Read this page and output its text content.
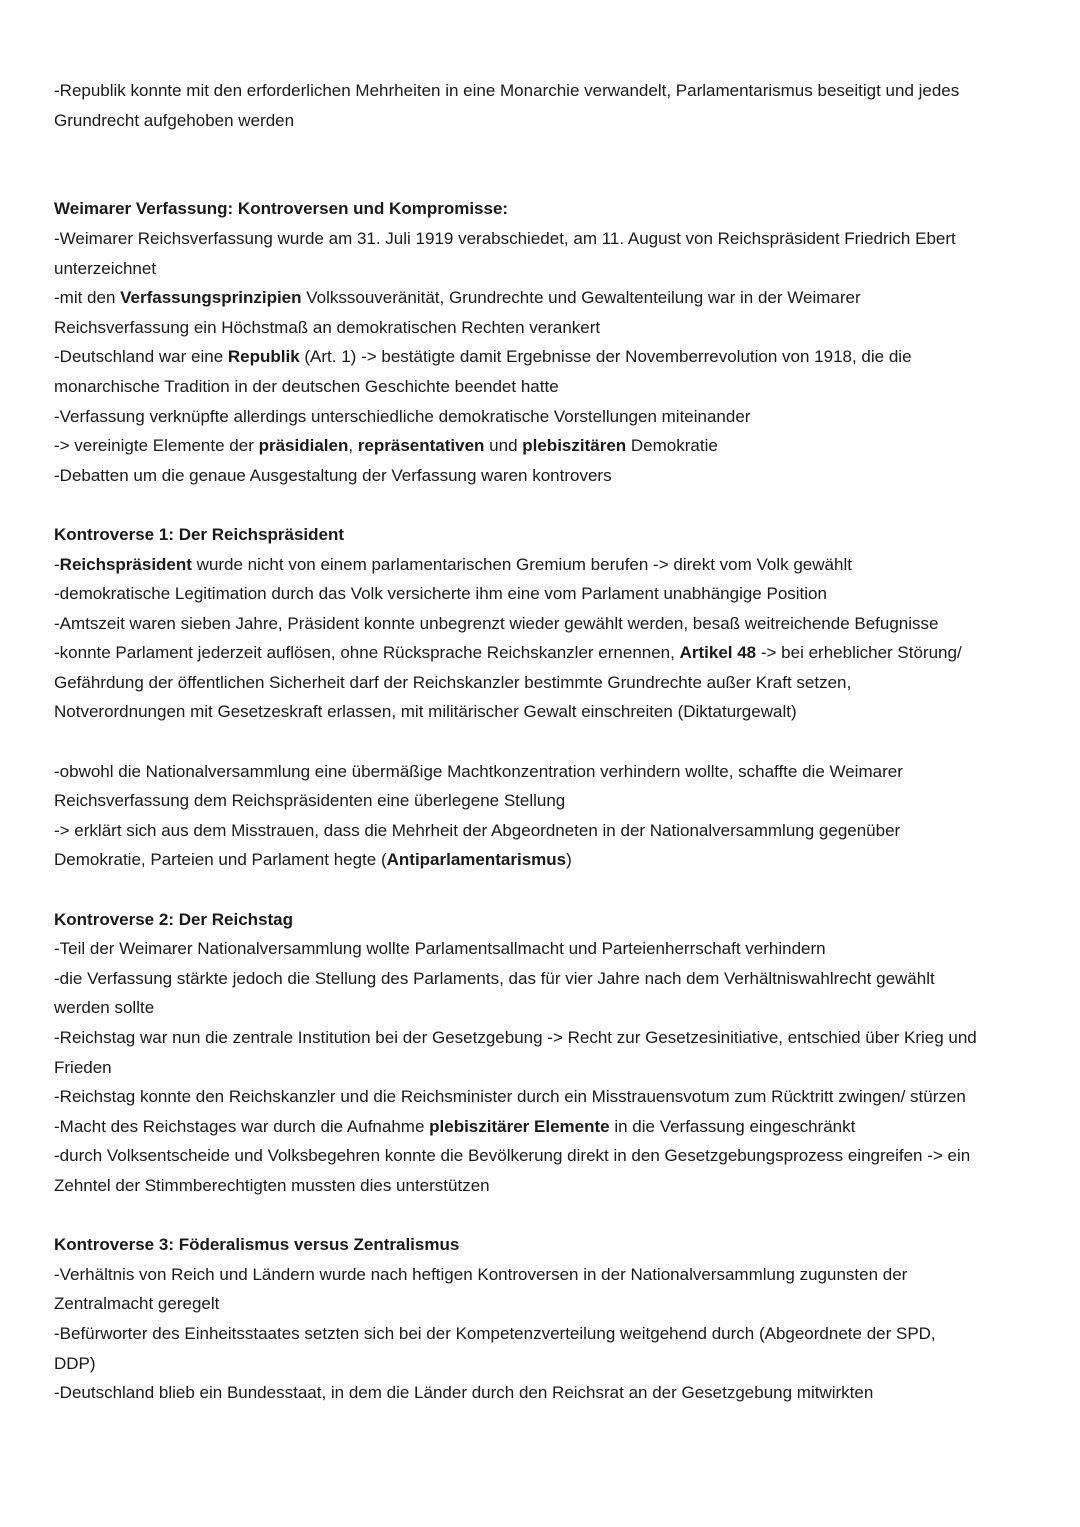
-Republik konnte mit den erforderlichen Mehrheiten in eine Monarchie verwandelt, Parlamentarismus beseitigt und jedes
Grundrecht aufgehoben werden
Weimarer Verfassung: Kontroversen und Kompromisse:
-Weimarer Reichsverfassung wurde am 31. Juli 1919 verabschiedet, am 11. August von Reichspräsident Friedrich Ebert
unterzeichnet
-mit den Verfassungsprinzipien Volkssouveränität, Grundrechte und Gewaltenteilung war in der Weimarer
Reichsverfassung ein Höchstmaß an demokratischen Rechten verankert
-Deutschland war eine Republik (Art. 1) -> bestätigte damit Ergebnisse der Novemberrevolution von 1918, die die
monarchische Tradition in der deutschen Geschichte beendet hatte
-Verfassung verknüpfte allerdings unterschiedliche demokratische Vorstellungen miteinander
-> vereinigte Elemente der präsidialen, repräsentativen und plebiszitären Demokratie
-Debatten um die genaue Ausgestaltung der Verfassung waren kontrovers
Kontroverse 1: Der Reichspräsident
-Reichspräsident wurde nicht von einem parlamentarischen Gremium berufen -> direkt vom Volk gewählt
-demokratische Legitimation durch das Volk versicherte ihm eine vom Parlament unabhängige Position
-Amtszeit waren sieben Jahre, Präsident konnte unbegrenzt wieder gewählt werden, besaß weitreichende Befugnisse
-konnte Parlament jederzeit auflösen, ohne Rücksprache Reichskanzler ernennen, Artikel 48 -> bei erheblicher Störung/
Gefährdung der öffentlichen Sicherheit darf der Reichskanzler bestimmte Grundrechte außer Kraft setzen,
Notverordnungen mit Gesetzeskraft erlassen, mit militärischer Gewalt einschreiten (Diktaturgewalt)
-obwohl die Nationalversammlung eine übermäßige Machtkonzentration verhindern wollte, schaffte die Weimarer
Reichsverfassung dem Reichspräsidenten eine überlegene Stellung
-> erklärt sich aus dem Misstrauen, dass die Mehrheit der Abgeordneten in der Nationalversammlung gegenüber
Demokratie, Parteien und Parlament hegte (Antiparlamentarismus)
Kontroverse 2: Der Reichstag
-Teil der Weimarer Nationalversammlung wollte Parlamentsallmacht und Parteienherrschaft verhindern
-die Verfassung stärkte jedoch die Stellung des Parlaments, das für vier Jahre nach dem Verhältniswahlrecht gewählt
werden sollte
-Reichstag war nun die zentrale Institution bei der Gesetzgebung -> Recht zur Gesetzesinitiative, entschied über Krieg und
Frieden
-Reichstag konnte den Reichskanzler und die Reichsminister durch ein Misstrauensvotum zum Rücktritt zwingen/ stürzen
-Macht des Reichstages war durch die Aufnahme plebiszitärer Elemente in die Verfassung eingeschränkt
-durch Volksentscheide und Volksbegehren konnte die Bevölkerung direkt in den Gesetzgebungsprozess eingreifen -> ein
Zehntel der Stimmberechtigten mussten dies unterstützen
Kontroverse 3: Föderalismus versus Zentralismus
-Verhältnis von Reich und Ländern wurde nach heftigen Kontroversen in der Nationalversammlung zugunsten der
Zentralmacht geregelt
-Befürworter des Einheitsstaates setzten sich bei der Kompetenzverteilung weitgehend durch (Abgeordnete der SPD,
DDP)
-Deutschland blieb ein Bundesstaat, in dem die Länder durch den Reichsrat an der Gesetzgebung mitwirkten
